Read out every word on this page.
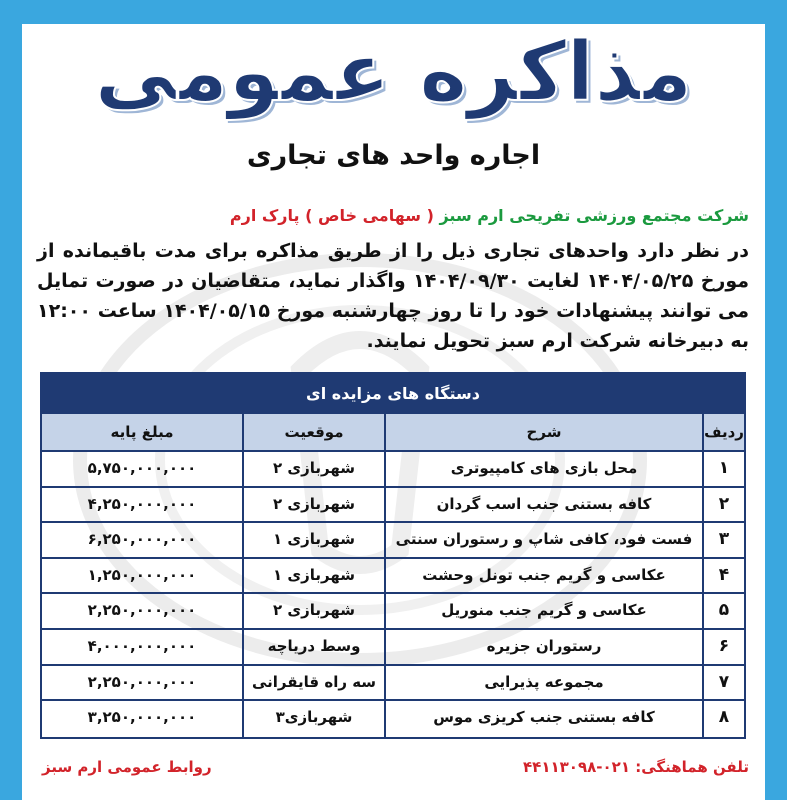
مذاکره عمومی
اجاره واحد های تجاری
شرکت مجتمع ورزشی تفریحی ارم سبز ( سهامی خاص ) پارک ارم
در نظر دارد واحدهای تجاری ذیل را از طریق مذاکره برای مدت باقیمانده از مورخ ۱۴۰۴/۰۵/۲۵ لغایت ۱۴۰۴/۰۹/۳۰ واگذار نماید، متقاضیان در صورت تمایل می توانند پیشنهادات خود را تا روز چهارشنبه مورخ ۱۴۰۴/۰۵/۱۵ ساعت ۱۲:۰۰ به دبیرخانه شرکت ارم سبز تحویل نمایند.
دستگاه های مزایده ای
ردیف
شرح
موقعیت
مبلغ پایه
۱
محل بازی های کامپیوتری
شهربازی ۲
۵,۷۵۰,۰۰۰,۰۰۰
۲
کافه بستنی جنب اسب گردان
شهربازی ۲
۴,۲۵۰,۰۰۰,۰۰۰
۳
فست فود، کافی شاپ و رستوران سنتی
شهربازی ۱
۶,۲۵۰,۰۰۰,۰۰۰
۴
عکاسی و گریم جنب تونل وحشت
شهربازی ۱
۱,۲۵۰,۰۰۰,۰۰۰
۵
عکاسی و گریم جنب منوریل
شهربازی ۲
۲,۲۵۰,۰۰۰,۰۰۰
۶
رستوران جزیره
وسط دریاچه
۴,۰۰۰,۰۰۰,۰۰۰
۷
مجموعه پذیرایی
سه راه قایقرانی
۲,۲۵۰,۰۰۰,۰۰۰
۸
کافه بستنی جنب کریزی موس
شهربازی۳
۳,۲۵۰,۰۰۰,۰۰۰
تلفن هماهنگی: ۰۲۱-۴۴۱۱۳۰۹۸
روابط عمومی ارم سبز
